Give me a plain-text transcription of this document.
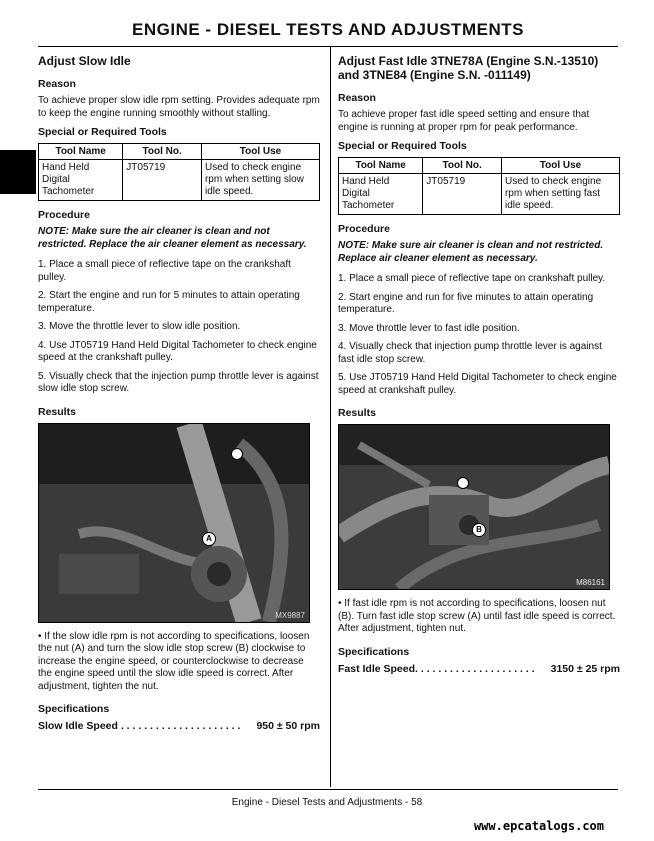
ENGINE - DIESEL TESTS AND ADJUSTMENTS
Adjust Slow Idle
Reason

To achieve proper slow idle rpm setting. Provides adequate rpm to keep the engine running smoothly without stalling.

Special or Required Tools
Tool Name	Tool No.	Tool Use
Hand Held Digital Tachometer	JT05719	Used to check engine rpm when setting slow idle speed.
Procedure
NOTE: Make sure the air cleaner is clean and not restricted. Replace the air cleaner element as necessary.

1. Place a small piece of reflective tape on the crankshaft pulley.

2. Start the engine and run for 5 minutes to attain operating temperature.

3. Move the throttle lever to slow idle position.

4. Use JT05719 Hand Held Digital Tachometer to check engine speed at the crankshaft pulley.

5. Visually check that the injection pump throttle lever is against slow idle stop screw.

Results
A
MX9887

• If the slow idle rpm is not according to specifications, loosen the nut (A) and turn the slow idle stop screw (B) clockwise to increase the engine speed, or counterclockwise to decrease the engine speed until the slow idle speed is correct. After adjustment, tighten the nut.

Specifications
Slow Idle Speed . . . . . . . . . . . . . . . . . . . . . 950 ± 50 rpm
Adjust Fast Idle 3TNE78A (Engine S.N.-13510) and 3TNE84 (Engine S.N. -011149)
Reason

To achieve proper fast idle speed setting and ensure that engine is running at proper rpm for peak performance.

Special or Required Tools
Tool Name	Tool No.	Tool Use
Hand Held Digital Tachometer	JT05719	Used to check engine rpm when setting fast idle speed.
Procedure
NOTE: Make sure air cleaner is clean and not restricted. Replace air cleaner element as necessary.

1. Place a small piece of reflective tape on crankshaft pulley.

2. Start engine and run for five minutes to attain operating temperature.

3. Move throttle lever to fast idle position.

4. Visually check that injection pump throttle lever is against fast idle stop screw.

5. Use JT05719 Hand Held Digital Tachometer to check engine speed at crankshaft pulley.

Results
B
M86161

• If fast idle rpm is not according to specifications, loosen nut (B). Turn fast idle stop screw (A) until fast idle speed is correct. After adjustment, tighten nut.

Specifications
Fast Idle Speed. . . . . . . . . . . . . . . . . . . . . 3150 ± 25 rpm
Engine - Diesel Tests and Adjustments - 58
www.epcatalogs.com
